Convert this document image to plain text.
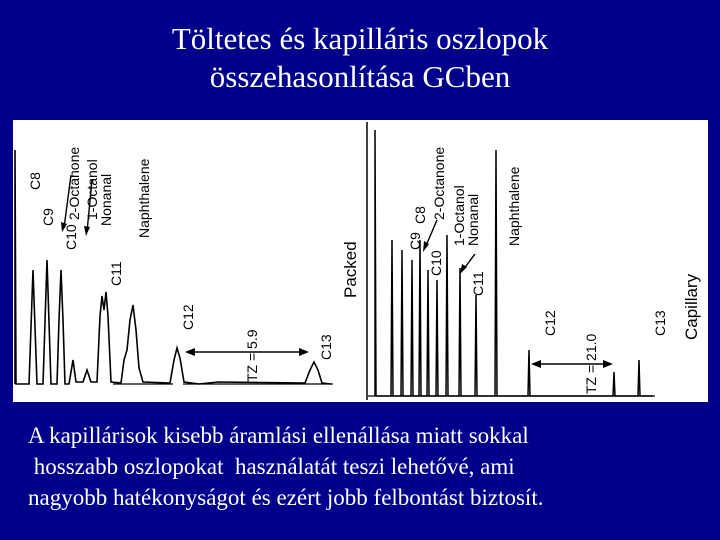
Töltetes és kapilláris oszlopok
összehasonlítása GCben
C8
C9
C10
2-Octanone 1-Octanol
Nonanal
C11
Naphthalene
C12
C13
TZ = 5.9
Packed
C8
C9
C10
2-Octanone 1-Octanol
Nonanal
C11
Naphthalene
C12	C13
TZ = 21.0
Capillary
A kapillárisok kisebb áramlási ellenállása miatt sokkal
hosszabb oszlopokat  használatát teszi lehetővé, ami
nagyobb hatékonyságot és ezért jobb felbontást biztosít.
